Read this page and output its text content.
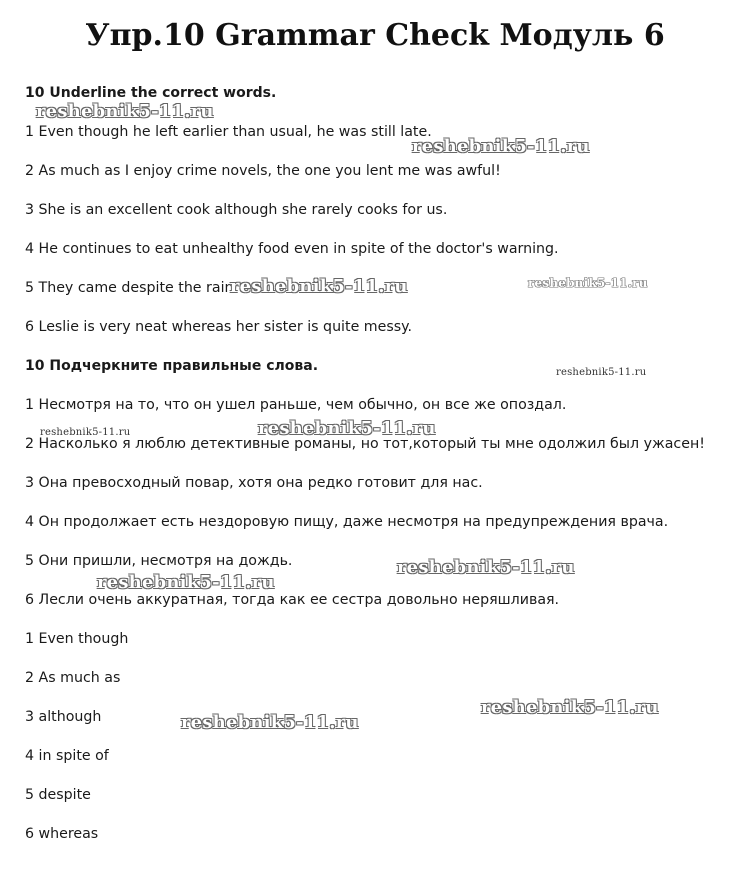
Упр.10 Grammar Check Модуль 6
10 Underline the correct words.
1 Even though he left earlier than usual, he was still late.
2 As much as I enjoy crime novels, the one you lent me was awful!
3 She is an excellent cook although she rarely cooks for us.
4 He continues to eat unhealthy food even in spite of the doctor's warning.
5 They came despite the rain.
6 Leslie is very neat whereas her sister is quite messy.
10 Подчеркните правильные слова.
1 Несмотря на то, что он ушел раньше, чем обычно, он все же опоздал.
2 Насколько я люблю детективные романы, но тот,который ты мне одолжил был ужасен!
3 Она превосходный повар, хотя она редко готовит для нас.
4 Он продолжает есть нездоровую пищу, даже несмотря на предупреждения врача.
5 Они пришли, несмотря на дождь.
6 Лесли очень аккуратная, тогда как ее сестра довольно неряшливая.
1 Even though
2 As much as
3 although
4 in spite of
5 despite
6 whereas
reshebnik5-11.ru
reshebnik5-11.ru
reshebnik5-11.ru	reshebnik5-11.ru
reshebnik5-11.ru
reshebnik5-11.ru	reshebnik5-11.ru
reshebnik5-11.ru
reshebnik5-11.ru
reshebnik5-11.ru
reshebnik5-11.ru
